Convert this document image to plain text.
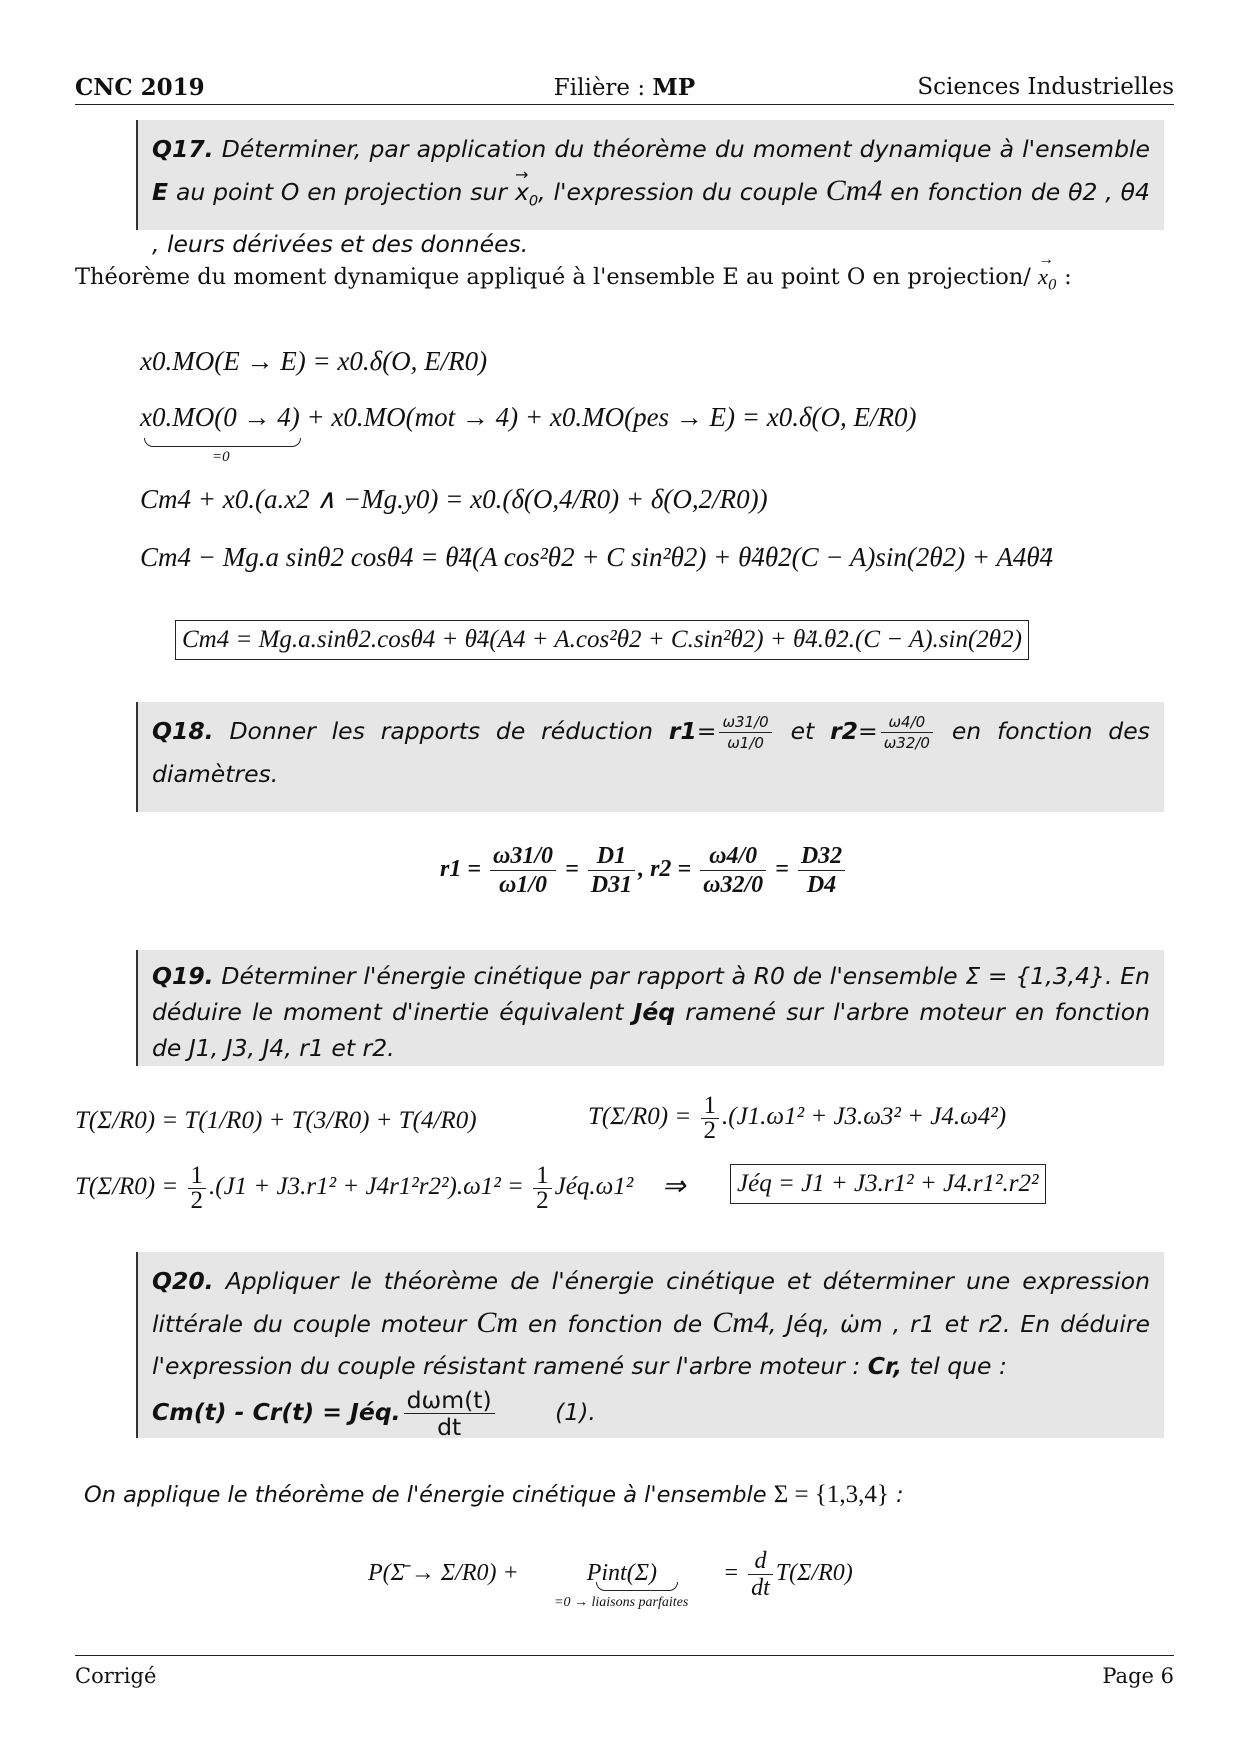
CNC 2019	Filière : MP	Sciences Industrielles
Q17. Déterminer, par application du théorème du moment dynamique à l'ensemble E au point O en projection sur → $x_0$, l'expression du couple Cm4 en fonction de θ2 , θ4 , leurs dérivées et des données.
Théorème du moment dynamique appliqué à l'ensemble E au point O en projection/ → $x_0$ :
x0.MO(E → E) = x0.δ(O, E/R0)
x0.MO(0 → 4) + x0.MO(mot → 4) + x0.MO(pes → E) = x0.δ(O, E/R0)
=0
Cm4 + x0.(a.x2 ∧ −Mg.y0) = x0.(δ(O,4/R0) + δ(O,2/R0))
Cm4 − Mg.a sinθ2 cosθ4 = θ̈4(A cos²θ2 + C sin²θ2) + θ̇4θ̇2(C − A)sin(2θ2) + A4θ̈4
Cm4 = Mg.a.sinθ2.cosθ4 + θ̈4(A4 + A.cos²θ2 + C.sin²θ2) + θ̇4.θ̇2.(C − A).sin(2θ2)
Q18. Donner les rapports de réduction $r1= \frac{\omega 31/0}{\omega 1/0}$ et $r2= \frac{\omega 4/0}{\omega 32/0}$ en fonction des diamètres.
$r1 = \frac{\omega 31/0}{\omega 1/0} = \frac{D1}{D31}$ , $r2 = \frac{\omega 4/0}{\omega 32/0} = \frac{D32}{D4}$
Q19. Déterminer l'énergie cinétique par rapport à R0 de l'ensemble Σ = {1,3,4}. En déduire le moment d'inertie équivalent Jéq ramené sur l'arbre moteur en fonction de J1, J3, J4, r1 et r2.
T(Σ/R0) = T(1/R0) + T(3/R0) + T(4/R0)	$T(\Sigma/R0) = \frac{1}{2} .(J1.\omega 1^2 + J3.\omega 3^2 + J4.\omega 4^2)$
$T(\Sigma/R0) = \frac{1}{2} .(J1 + J3.r1^2 + J4r1^2r2^2).\omega 1^2 = \frac{1}{2}$ Jéq.ω1² ⇒ Jéq = J1 + J3.r1² + J4.r1².r2²
Q20. Appliquer le théorème de l'énergie cinétique et déterminer une expression littérale du couple moteur Cm en fonction de Cm4, Jéq, ω̇m , r1 et r2. En déduire l'expression du couple résistant ramené sur l'arbre moteur : Cr, tel que :
Cm(t) - Cr(t) = Jéq. $\frac{\text{dωm(t)}}{dt}$	(1).
On applique le théorème de l'énergie cinétique à l'ensemble Σ = {1,3,4} :
P(Σ̄ → Σ/R0) +	Pint(Σ)	= $\frac{d}{dt} T(\Sigma/R0)$
=0 → liaisons parfaites
Corrigé	Page 6
